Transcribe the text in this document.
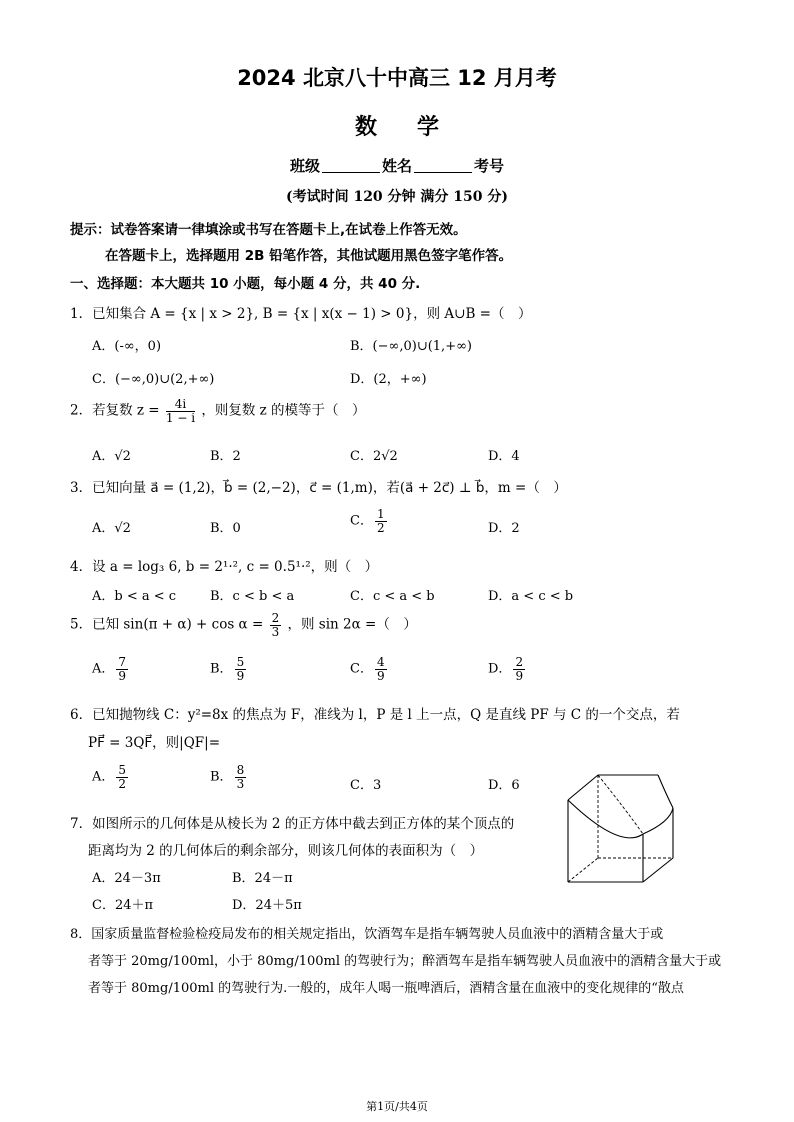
2024 北京八十中高三 12 月月考
数学
班级	姓名	考号
(考试时间 120 分钟 满分 150 分)
提示：试卷答案请一律填涂或书写在答题卡上,在试卷上作答无效。
在答题卡上，选择题用 2B 铅笔作答，其他试题用黑色签字笔作答。
一、选择题：本大题共 10 小题，每小题 4 分，共 40 分.
1．已知集合 A = {x | x > 2}, B = {x | x(x − 1) > 0}，则 A∪B =（　）
A．(-∞，0)	B．(−∞,0)∪(1,+∞)
C．(−∞,0)∪(2,+∞)	D．(2，+∞)
2．若复数 $z = \frac{4i}{1 - i}$ ，则复数 z 的模等于（　）
A．√2	B．2	C．2√2	D．4
3．已知向量 a⃗ = (1,2)，b⃗ = (2,−2)，c⃗ = (1,m)，若(a⃗ + 2c⃗) ⊥ b⃗，m =（　）
A．√2	B．0	C． $\frac{1}{2}$	D．2
4．设 a = log₃ 6, b = 2¹·², c = 0.5¹·²，则（　）
A．b < a < c	B．c < b < a	C．c < a < b	D．a < c < b
5．已知 $\sin(\pi + \alpha) + \cos \alpha = \frac{2}{3}$ ，则 sin 2α =（　）
A． $\frac{7}{9}$	B． $\frac{5}{9}$	C． $\frac{4}{9}$	D． $\frac{2}{9}$
6．已知抛物线 C：y²=8x 的焦点为 F，准线为 l，P 是 l 上一点，Q 是直线 PF 与 C 的一个交点，若
PF⃗ = 3QF⃗，则|QF|=
A． $\frac{5}{2}$	B． $\frac{8}{3}$	C．3	D．6
7．如图所示的几何体是从棱长为 2 的正方体中截去到正方体的某个顶点的
距离均为 2 的几何体后的剩余部分，则该几何体的表面积为（　）
A．24－3π	B．24－π
C．24＋π	D．24＋5π
8．国家质量监督检验检疫局发布的相关规定指出，饮酒驾车是指车辆驾驶人员血液中的酒精含量大于或
者等于 20mg/100ml，小于 80mg/100ml 的驾驶行为；醉酒驾车是指车辆驾驶人员血液中的酒精含量大于或
者等于 80mg/100ml 的驾驶行为.一般的，成年人喝一瓶啤酒后，酒精含量在血液中的变化规律的“散点
第1页/共4页
